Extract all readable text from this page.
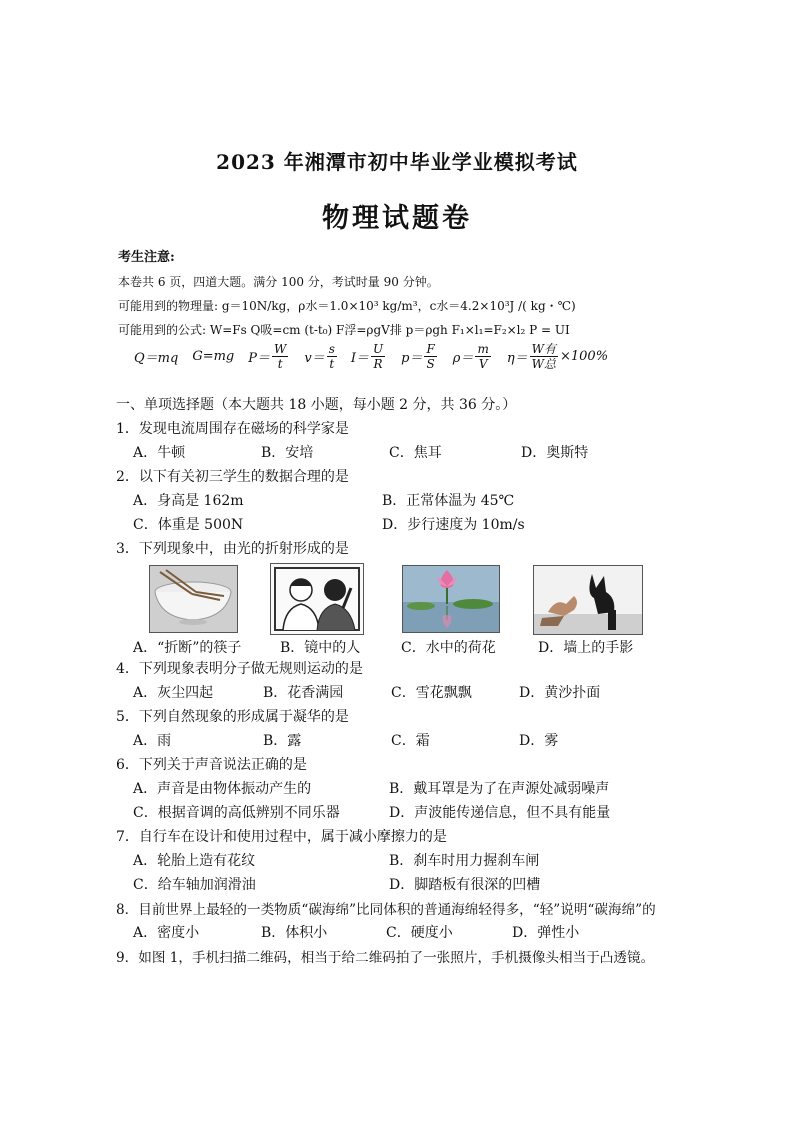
2023 年湘潭市初中毕业学业模拟考试
物理试题卷
考生注意:
本卷共 6 页，四道大题。满分 100 分，考试时量 90 分钟。
可能用到的物理量: g＝10N/kg，ρ水＝1.0×10³ kg/m³，c水＝4.2×10³J /( kg・℃)
可能用到的公式: W=Fs Q吸=cm (t-t₀) F浮=ρgV排 p＝ρgh F₁×l₁=F₂×l₂ P = UI
Q＝mq G=mg $P= \frac{W}{t} v= \frac{s}{t} I= \frac{U}{R} p= \frac{F}{S} \rho= \frac{m}{V} \eta= \frac{\text{W有}}{\text{W总}} \times 100\%$
一、单项选择题（本大题共 18 小题，每小题 2 分，共 36 分。）
1．发现电流周围存在磁场的科学家是
A．牛顿	B．安培	C．焦耳	D．奥斯特
2．以下有关初三学生的数据合理的是
A．身高是 162m	B．正常体温为 45℃
C．体重是 500N	D．步行速度为 10m/s
3．下列现象中，由光的折射形成的是
A．“折断”的筷子	B．镜中的人	C．水中的荷花	D．墙上的手影
4．下列现象表明分子做无规则运动的是
A．灰尘四起	B．花香满园	C．雪花飘飘	D．黄沙扑面
5．下列自然现象的形成属于凝华的是
A．雨	B．露	C．霜	D．雾
6．下列关于声音说法正确的是
A．声音是由物体振动产生的	B．戴耳罩是为了在声源处减弱噪声
C．根据音调的高低辨别不同乐器	D．声波能传递信息，但不具有能量
7．自行车在设计和使用过程中，属于减小摩擦力的是
A．轮胎上造有花纹	B．刹车时用力握刹车闸
C．给车轴加润滑油	D．脚踏板有很深的凹槽
8．目前世界上最轻的一类物质“碳海绵”比同体积的普通海绵轻得多，“轻”说明“碳海绵”的
A．密度小	B．体积小	C．硬度小	D．弹性小
9．如图 1，手机扫描二维码，相当于给二维码拍了一张照片，手机摄像头相当于凸透镜。
